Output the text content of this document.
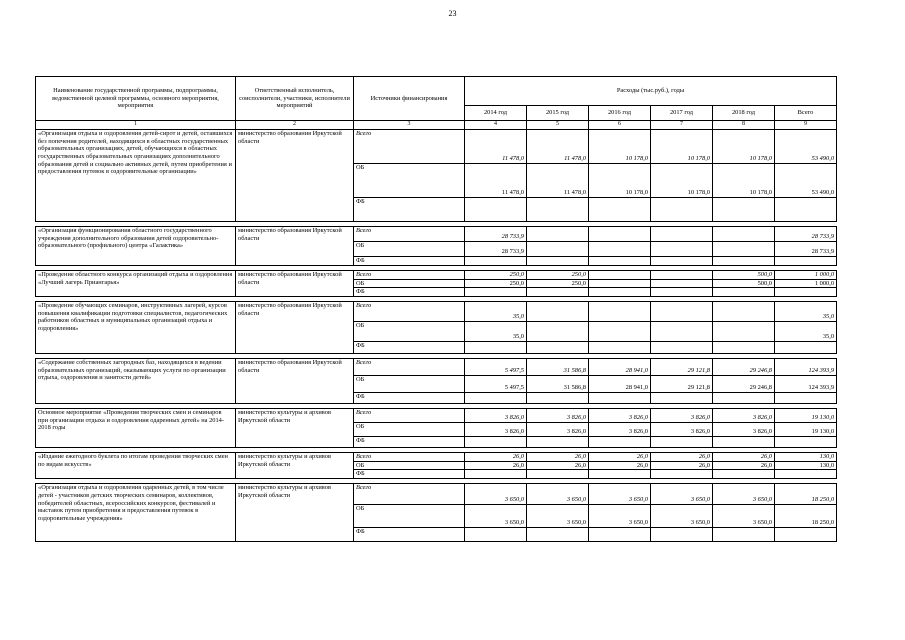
23
Наименование государственной программы, подпрограммы, ведомственной целевой программы, основного мероприятия, мероприятия	Ответственный исполнитель, соисполнители, участники, исполнители мероприятий	Источники финансирования	Расходы (тыс.руб.), годы					
			2014 год	2015 год	2016 год	2017 год	2018 год	Всего
1	2	3	4	5	6	7	8	9
«Организация отдыха и оздоровления детей-сирот и детей, оставшихся без попечения родителей, находящихся в областных государственных образовательных организациях, детей, обучающихся в областных государственных образовательных организациях дополнительного образования детей и социально активных детей, путем приобретения и предоставления путевок в оздоровительные организации»	министерство образования Иркутской области	Всего	11 478,0	11 478,0	10 178,0	10 178,0	10 178,0	53 490,0
		ОБ	11 478,0	11 478,0	10 178,0	10 178,0	10 178,0	53 490,0
		ФБ						

«Организация функционирования областного государственного учреждения дополнительного образования детей оздоровительно-образовательного (профильного) центра «Галактика»	министерство образования Иркутской области	Всего	28 733,9					28 733,9
		ОБ	28 733,9					28 733,9
		ФБ						

«Проведение областного конкурса организаций отдыха и оздоровления «Лучший лагерь Приангарья»	министерство образования Иркутской области	Всего	250,0	250,0			500,0	1 000,0
		ОБ	250,0	250,0			500,0	1 000,0
		ФБ						

«Проведение обучающих семинаров, инструктивных лагерей, курсов повышения квалификации подготовки специалистов, педагогических работников областных и муниципальных организаций отдыха и оздоровления»	министерство образования Иркутской области	Всего	35,0					35,0
		ОБ	35,0					35,0
		ФБ						

«Содержание собственных загородных баз, находящихся в ведении образовательных организаций, оказывающих услуги по организации отдыха, оздоровления и занятости детей»	министерство образования Иркутской области	Всего	5 497,5	31 586,8	28 941,0	29 121,8	29 246,8	124 393,9
		ОБ	5 497,5	31 586,8	28 941,0	29 121,8	29 246,8	124 393,9
		ФБ						

Основное мероприятие «Проведения творческих смен и семинаров при организации отдыха и оздоровления одаренных детей» на 2014-2018 годы	министерство культуры и архивов Иркутской области	Всего	3 826,0	3 826,0	3 826,0	3 826,0	3 826,0	19 130,0
		ОБ	3 826,0	3 826,0	3 826,0	3 826,0	3 826,0	19 130,0
		ФБ						

«Издание ежегодного буклета по итогам проведения творческих смен по видам искусств»	министерство культуры и архивов Иркутской области	Всего	26,0	26,0	26,0	26,0	26,0	130,0
		ОБ	26,0	26,0	26,0	26,0	26,0	130,0
		ФБ						

«Организация отдыха и оздоровления одаренных детей, в том числе детей - участников детских творческих семинаров, коллективов, победителей областных, всероссийских конкурсов, фестивалей и выставок путем приобретения и предоставления путевок в оздоровительные учреждения»	министерство культуры и архивов Иркутской области	Всего	3 650,0	3 650,0	3 650,0	3 650,0	3 650,0	18 250,0
		ОБ	3 650,0	3 650,0	3 650,0	3 650,0	3 650,0	18 250,0
		ФБ						
